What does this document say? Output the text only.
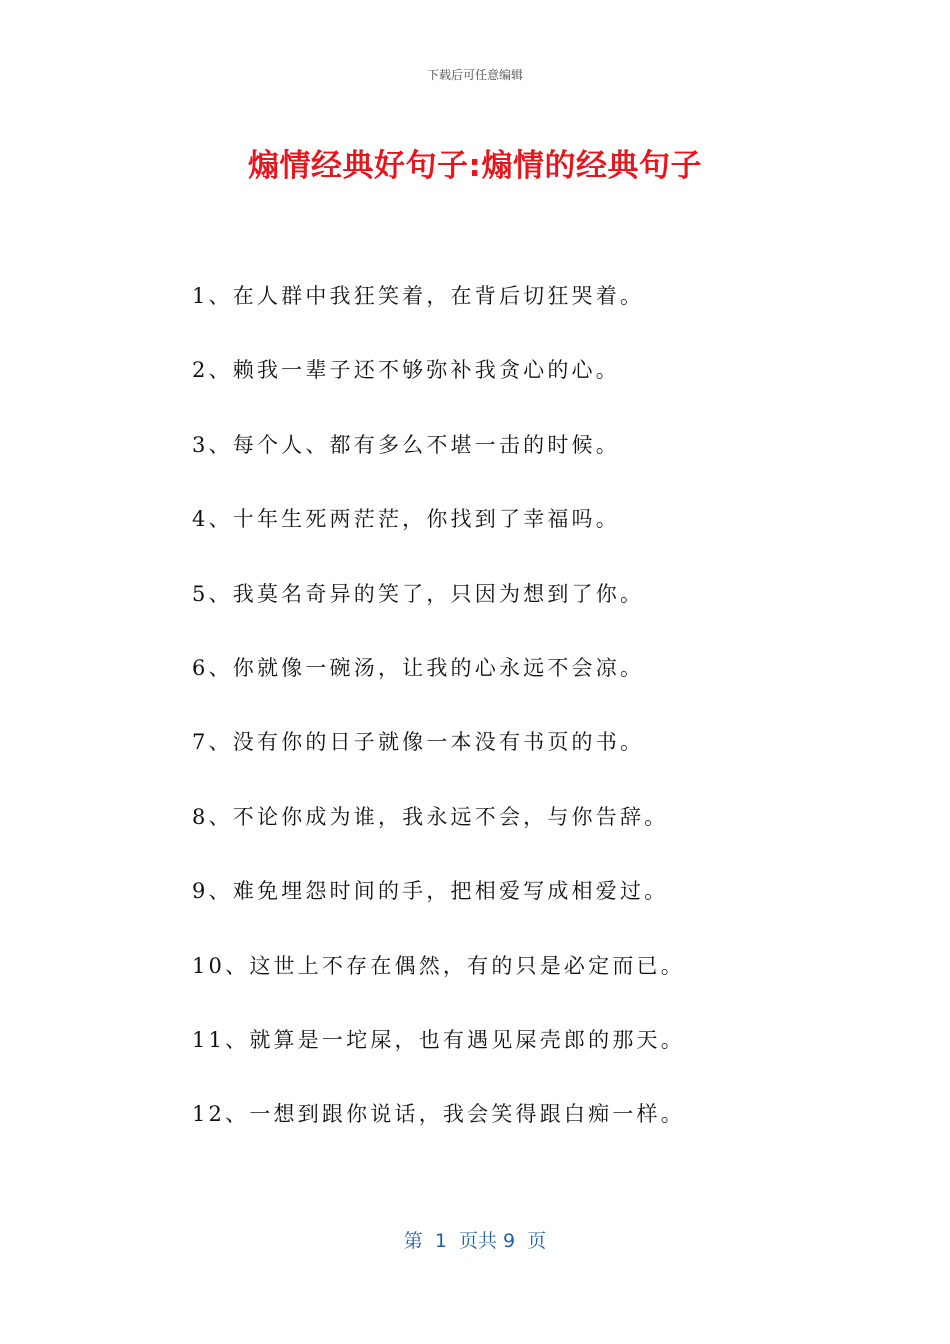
下载后可任意编辑
煽情经典好句子:煽情的经典句子
1、在人群中我狂笑着，在背后切狂哭着。
2、赖我一辈子还不够弥补我贪心的心。
3、每个人、都有多么不堪一击的时候。
4、十年生死两茫茫，你找到了幸福吗。
5、我莫名奇异的笑了，只因为想到了你。
6、你就像一碗汤，让我的心永远不会凉。
7、没有你的日子就像一本没有书页的书。
8、不论你成为谁，我永远不会，与你告辞。
9、难免埋怨时间的手，把相爱写成相爱过。
10、这世上不存在偶然，有的只是必定而已。
11、就算是一坨屎，也有遇见屎壳郎的那天。
12、一想到跟你说话，我会笑得跟白痴一样。
第  1  页共 9  页
